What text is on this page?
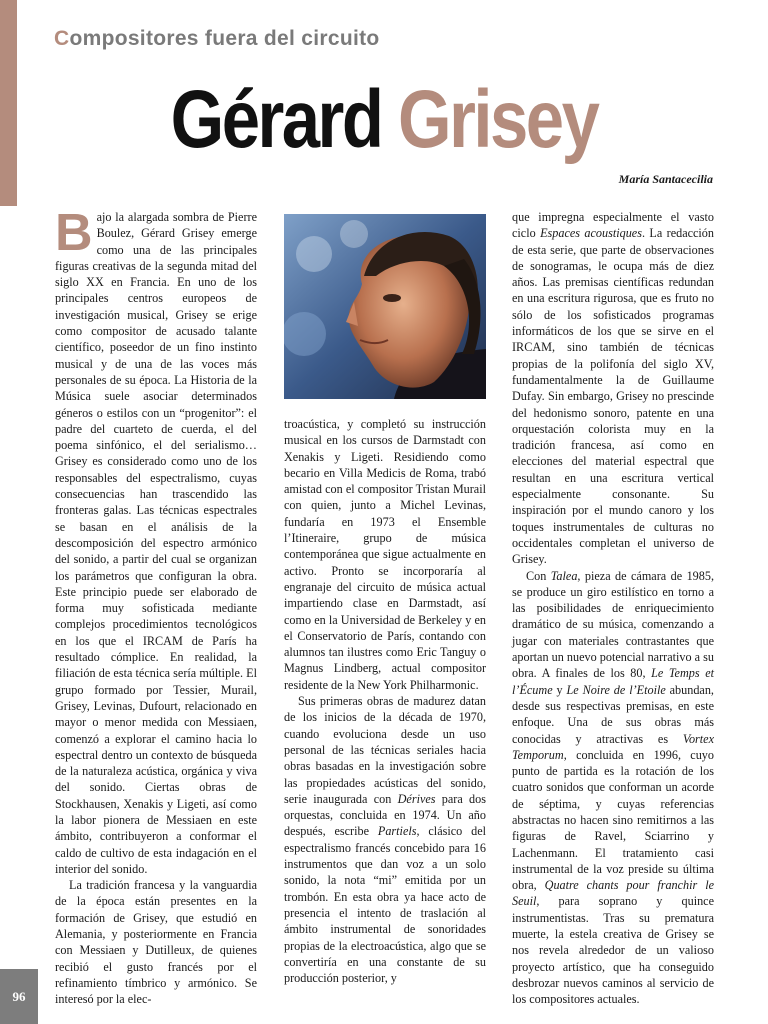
Compositores fuera del circuito
Gérard Grisey

María Santacecilia

Bajo la alargada sombra de Pierre Boulez, Gérard Grisey emerge como una de las principales figuras creativas de la segunda mitad del siglo XX en Francia. En uno de los principales centros europeos de investigación musical, Grisey se erige como compositor de acusado talante científico, poseedor de un fino instinto musical y de una de las voces más personales de su época. La Historia de la Música suele asociar determinados géneros o estilos con un “progenitor”: el padre del cuarteto de cuerda, el del poema sinfónico, el del serialismo… Grisey es considerado como uno de los responsables del espectralismo, cuyas consecuencias han trascendido las fronteras galas. Las técnicas espectrales se basan en el análisis de la descomposición del espectro armónico del sonido, a partir del cual se organizan los parámetros que configuran la obra. Este principio puede ser elaborado de forma muy sofisticada mediante complejos procedimientos tecnológicos en los que el IRCAM de París ha resultado cómplice. En realidad, la filiación de esta técnica sería múltiple. El grupo formado por Tessier, Murail, Grisey, Levinas, Dufourt, relacionado en mayor o menor medida con Messiaen, comenzó a explorar el camino hacia lo espectral dentro un contexto de búsqueda de la naturaleza acústica, orgánica y viva del sonido. Ciertas obras de Stockhausen, Xenakis y Ligeti, así como la labor pionera de Messiaen en este ámbito, contribuyeron a conformar el caldo de cultivo de esta indagación en el interior del sonido.

La tradición francesa y la vanguardia de la época están presentes en la formación de Grisey, que estudió en Alemania, y posteriormente en Francia con Messiaen y Dutilleux, de quienes recibió el gusto francés por el refinamiento tímbrico y armónico. Se interesó por la elec-

troacústica, y completó su instrucción musical en los cursos de Darmstadt con Xenakis y Ligeti. Residiendo como becario en Villa Medicis de Roma, trabó amistad con el compositor Tristan Murail con quien, junto a Michel Levinas, fundaría en 1973 el Ensemble l’Itineraire, grupo de música contemporánea que sigue actualmente en activo. Pronto se incorporaría al engranaje del circuito de música actual impartiendo clase en Darmstadt, así como en la Universidad de Berkeley y en el Conservatorio de París, contando con alumnos tan ilustres como Eric Tanguy o Magnus Lindberg, actual compositor residente de la New York Philharmonic.

Sus primeras obras de madurez datan de los inicios de la década de 1970, cuando evoluciona desde un uso personal de las técnicas seriales hacia obras basadas en la investigación sobre las propiedades acústicas del sonido, serie inaugurada con Dérives para dos orquestas, concluida en 1974. Un año después, escribe Partiels, clásico del espectralismo francés concebido para 16 instrumentos que dan voz a un solo sonido, la nota “mi” emitida por un trombón. En esta obra ya hace acto de presencia el intento de traslación al ámbito instrumental de sonoridades propias de la electroacústica, algo que se convertiría en una constante de su producción posterior, y

que impregna especialmente el vasto ciclo Espaces acoustiques. La redacción de esta serie, que parte de observaciones de sonogramas, le ocupa más de diez años. Las premisas científicas redundan en una escritura rigurosa, que es fruto no sólo de los sofisticados programas informáticos de los que se sirve en el IRCAM, sino también de técnicas propias de la polifonía del siglo XV, fundamentalmente la de Guillaume Dufay. Sin embargo, Grisey no prescinde del hedonismo sonoro, patente en una orquestación colorista muy en la tradición francesa, así como en elecciones del material espectral que resultan en una escritura vertical especialmente consonante. Su inspiración por el mundo canoro y los toques instrumentales de culturas no occidentales completan el universo de Grisey.

Con Talea, pieza de cámara de 1985, se produce un giro estilístico en torno a las posibilidades de enriquecimiento dramático de su música, comenzando a jugar con materiales contrastantes que aportan un nuevo potencial narrativo a su obra. A finales de los 80, Le Temps et l’Écume y Le Noire de l’Etoile abundan, desde sus respectivas premisas, en este enfoque. Una de sus obras más conocidas y atractivas es Vortex Temporum, concluida en 1996, cuyo punto de partida es la rotación de los cuatro sonidos que conforman un acorde de séptima, y cuyas referencias abstractas no hacen sino remitirnos a las figuras de Ravel, Sciarrino y Lachenmann. El tratamiento casi instrumental de la voz preside su última obra, Quatre chants pour franchir le Seuil, para soprano y quince instrumentistas. Tras su prematura muerte, la estela creativa de Grisey se nos revela alrededor de un valioso proyecto artístico, que ha conseguido desbrozar nuevos caminos al servicio de los compositores actuales.

96
